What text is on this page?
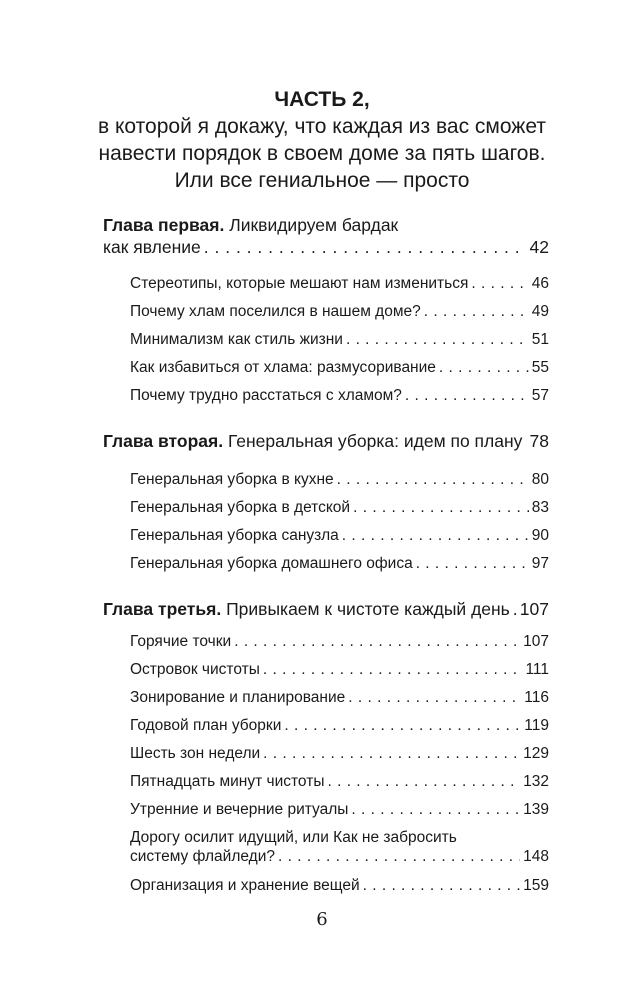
ЧАСТЬ 2,
в которой я докажу, что каждая из вас сможет
навести порядок в своем доме за пять шагов.
Или все гениальное — просто
Глава первая. Ликвидируем бардак
как явление . . .	42
Стереотипы, которые мешают нам измениться . . .	46
Почему хлам поселился в нашем доме? . . .	49
Минимализм как стиль жизни . . .	51
Как избавиться от хлама: размусоривание . . .	55
Почему трудно расстаться с хламом? . . .	57
Глава вторая. Генеральная уборка: идем по плану . . . 78
Генеральная уборка в кухне . . .	80
Генеральная уборка в детской . . .	83
Генеральная уборка санузла . . .	90
Генеральная уборка домашнего офиса . . .	97
Глава третья. Привыкаем к чистоте каждый день . . . 107
Горячие точки . . .	107
Островок чистоты . . .	111
Зонирование и планирование . . .	116
Годовой план уборки . . .	119
Шесть зон недели . . .	129
Пятнадцать минут чистоты . . .	132
Утренние и вечерние ритуалы . . .	139
Дорогу осилит идущий, или Как не забросить
систему флайледи? . . .	148
Организация и хранение вещей . . .	159
6
